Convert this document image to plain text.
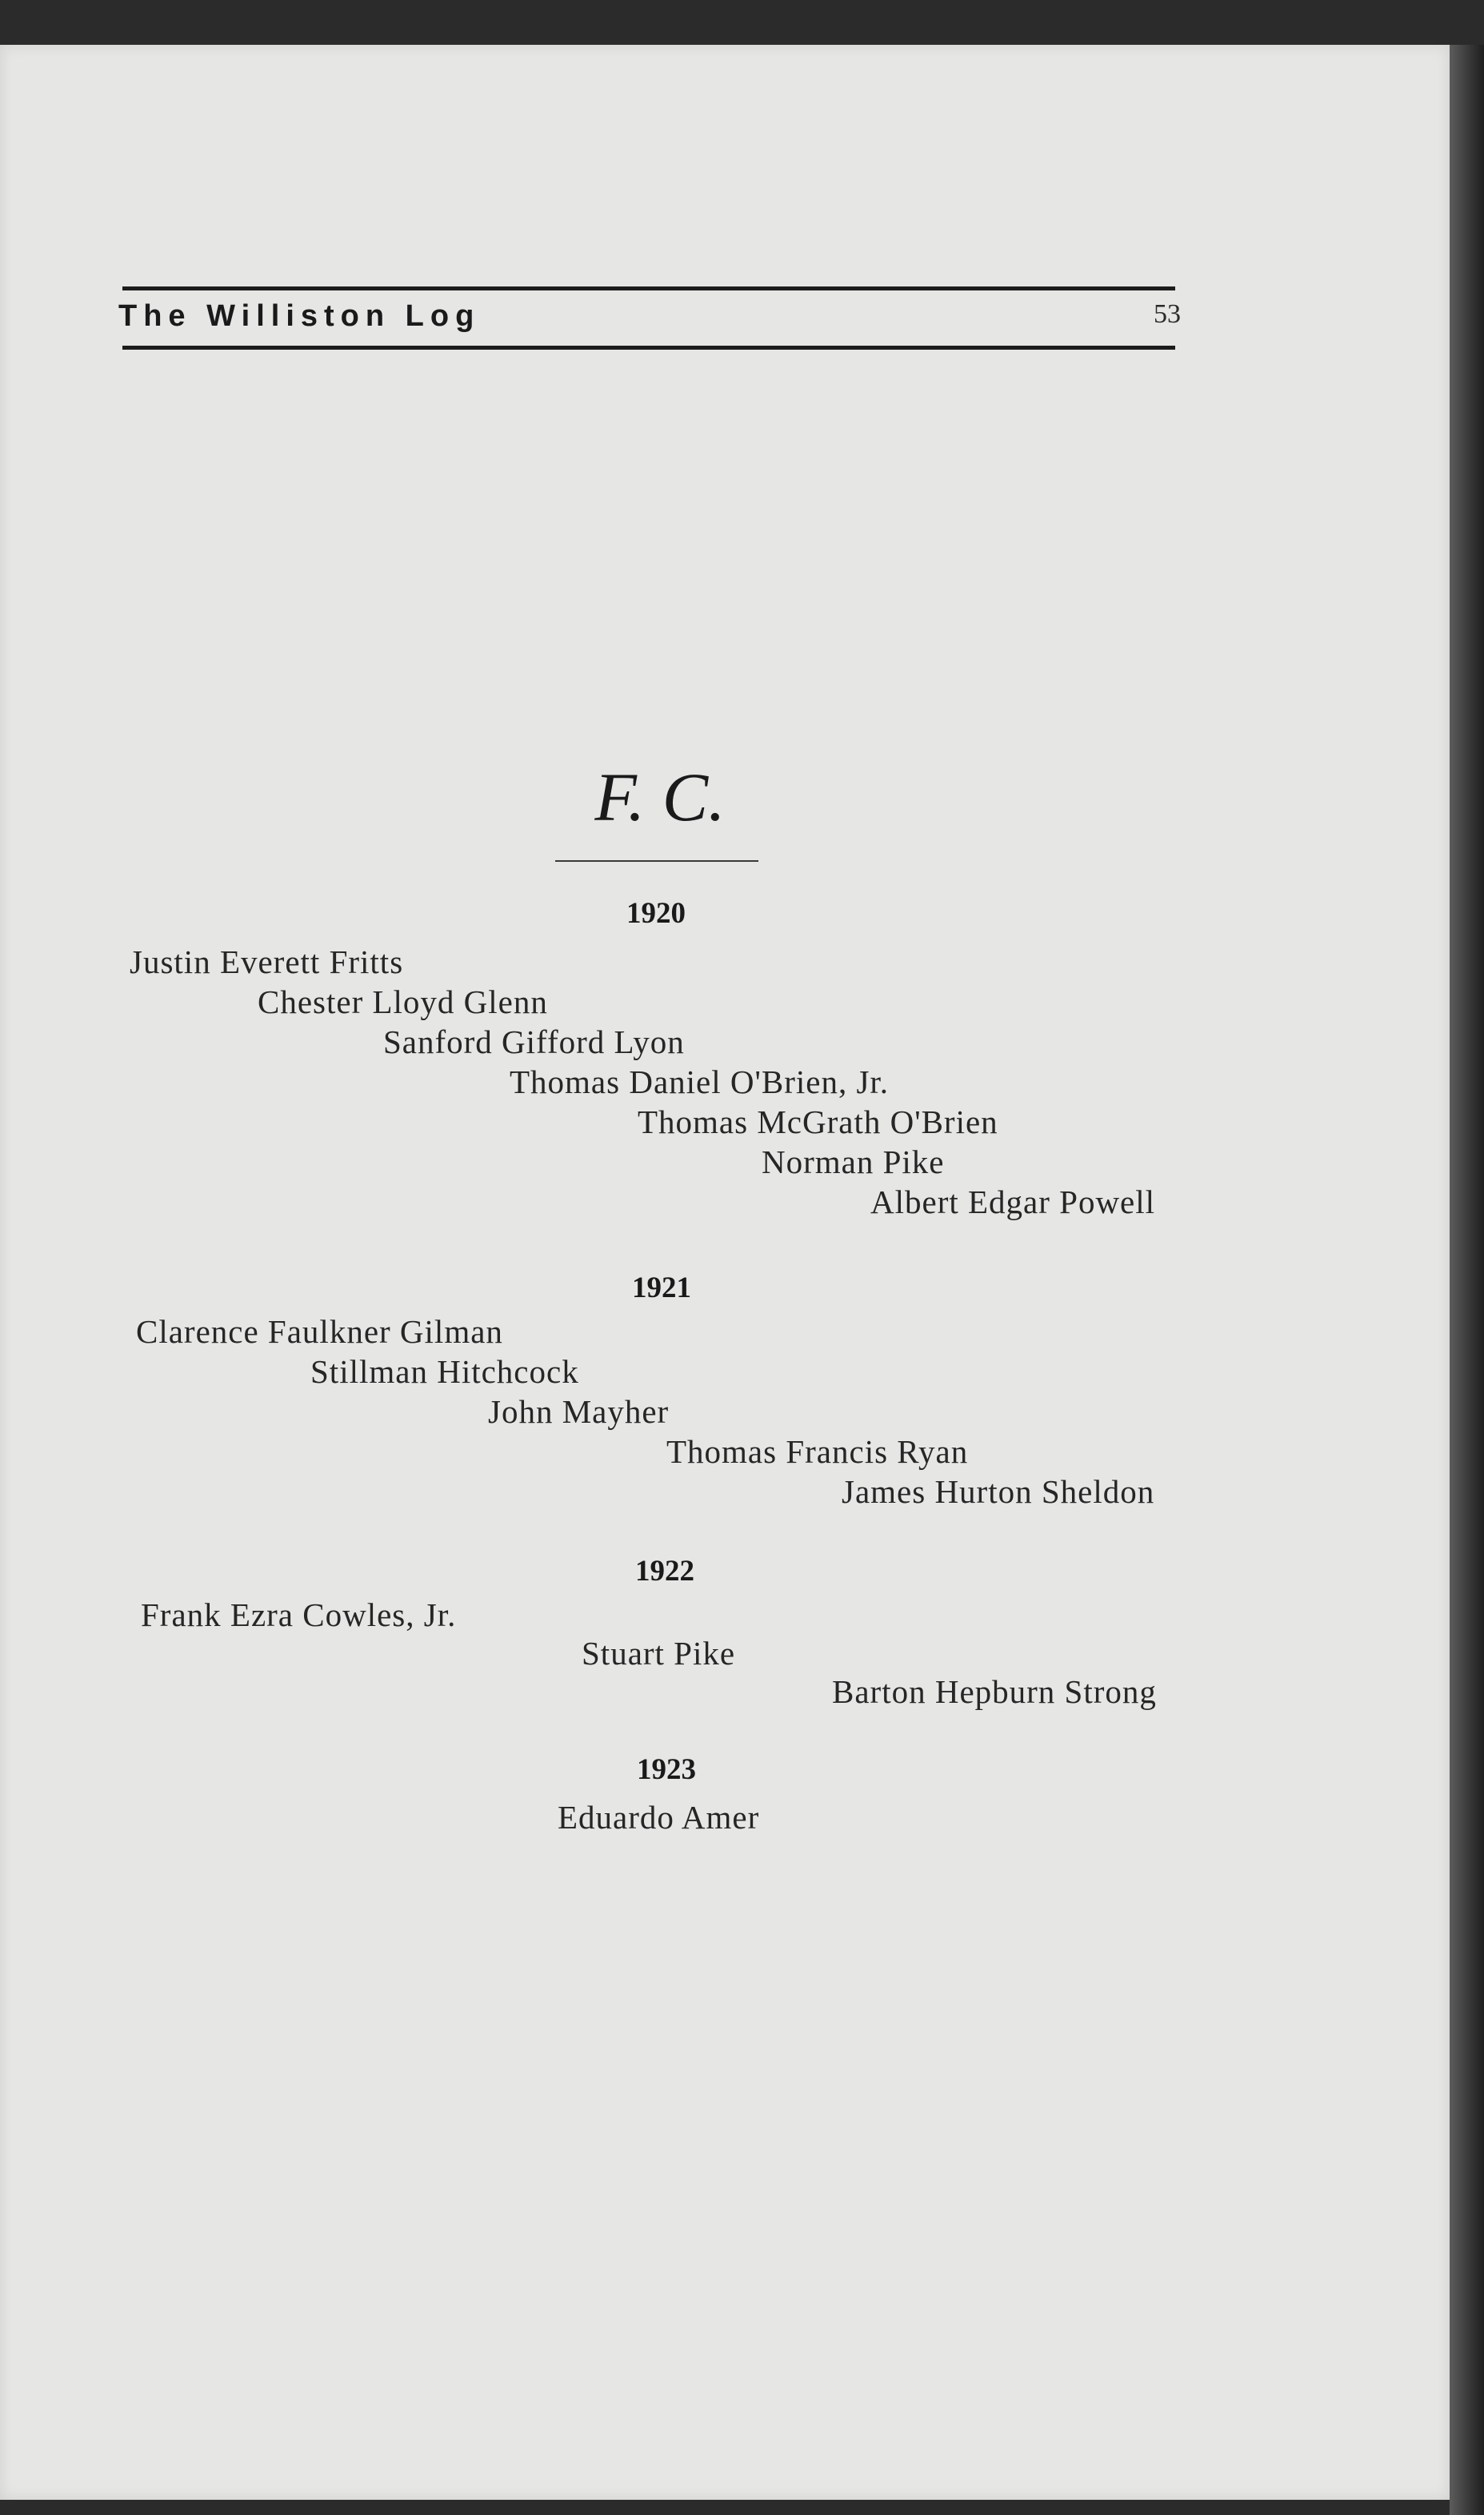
The Williston Log	53
F. C.
1920
Justin Everett Fritts
Chester Lloyd Glenn
Sanford Gifford Lyon
Thomas Daniel O'Brien, Jr.
Thomas McGrath O'Brien
Norman Pike
Albert Edgar Powell
1921
Clarence Faulkner Gilman
Stillman Hitchcock
John Mayher
Thomas Francis Ryan
James Hurton Sheldon
1922
Frank Ezra Cowles, Jr.
Stuart Pike
Barton Hepburn Strong
1923
Eduardo Amer
